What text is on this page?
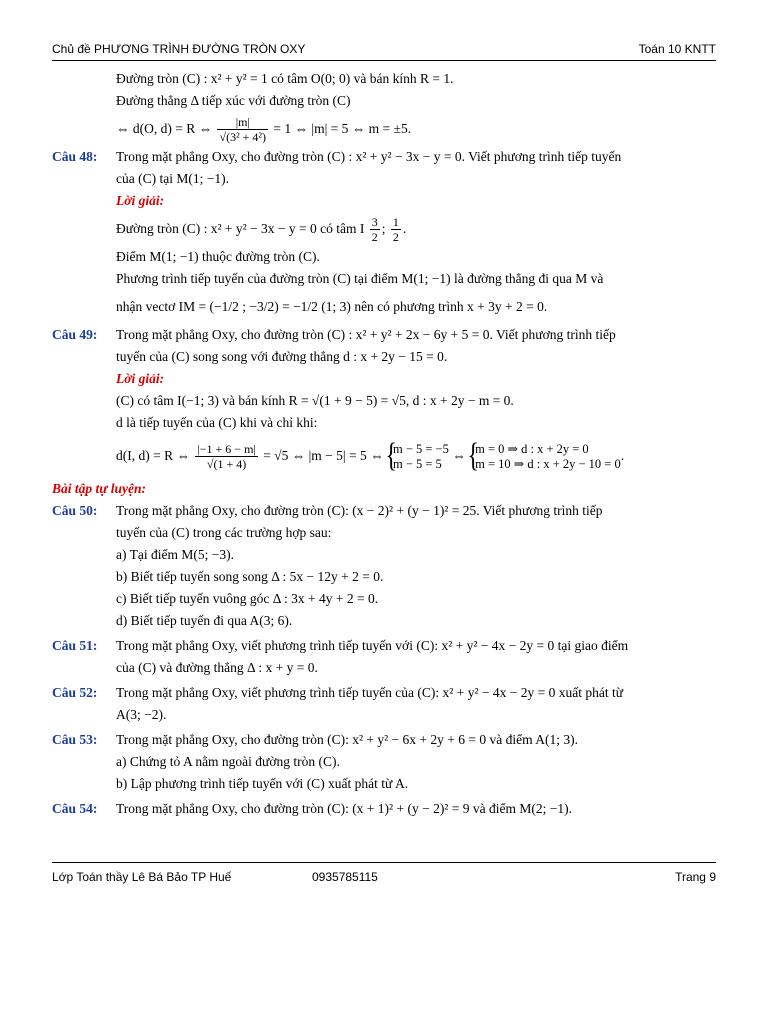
Chủ đề PHƯƠNG TRÌNH ĐƯỜNG TRÒN OXY	Toán 10 KNTT
Đường tròn (C) : x² + y² = 1 có tâm O(0; 0) và bán kính R = 1.
Đường thẳng Δ tiếp xúc với đường tròn (C)
⇔ d(O, d) = R ⇔ $\frac{|m|}{\text{√(3² + 4²)}} = 1$ ⇔ |m| = 5 ⇔ m = ±5.
Câu 48: Trong mặt phẳng Oxy, cho đường tròn (C) : x² + y² − 3x − y = 0. Viết phương trình tiếp tuyến
của (C) tại M(1; −1).
Lời giải:
Đường tròn (C) : x² + y² − 3x − y = 0 có tâm I $\frac{3}{2}$ ; $\frac{1}{2}$ .
Điểm M(1; −1) thuộc đường tròn (C).
Phương trình tiếp tuyến của đường tròn (C) tại điểm M(1; −1) là đường thẳng đi qua M và
nhận vectơ IM = (−1/2 ; −3/2) = −1/2 (1; 3) nên có phương trình x + 3y + 2 = 0.
Câu 49: Trong mặt phẳng Oxy, cho đường tròn (C) : x² + y² + 2x − 6y + 5 = 0. Viết phương trình tiếp
tuyến của (C) song song với đường thẳng d : x + 2y − 15 = 0.
Lời giải:
(C) có tâm I(−1; 3) và bán kính R = √(1 + 9 − 5) = √5, d : x + 2y − m = 0.
d là tiếp tuyến của (C) khi và chỉ khi:
d(I, d) = R ⇔ $\frac{|-1 + 6 - m|}{√(1 + 4)} = √5$ ⇔ |m − 5| = 5 ⇔ { m − 5 = −5
m − 5 = 5
⇔ { m = 0 ⇒ d : x + 2y = 0
m = 10 ⇒ d : x + 2y − 10 = 0
.
Bài tập tự luyện:
Câu 50: Trong mặt phẳng Oxy, cho đường tròn (C): (x − 2)² + (y − 1)² = 25. Viết phương trình tiếp
tuyến của (C) trong các trường hợp sau:
a) Tại điểm M(5; −3).
b) Biết tiếp tuyến song song Δ : 5x − 12y + 2 = 0.
c) Biết tiếp tuyến vuông góc Δ : 3x + 4y + 2 = 0.
d) Biết tiếp tuyến đi qua A(3; 6).
Câu 51: Trong mặt phẳng Oxy, viết phương trình tiếp tuyến với (C): x² + y² − 4x − 2y = 0 tại giao điểm
của (C) và đường thẳng Δ : x + y = 0.
Câu 52: Trong mặt phẳng Oxy, viết phương trình tiếp tuyến của (C): x² + y² − 4x − 2y = 0 xuất phát từ
A(3; −2).
Câu 53: Trong mặt phẳng Oxy, cho đường tròn (C): x² + y² − 6x + 2y + 6 = 0 và điểm A(1; 3).
a) Chứng tỏ A nằm ngoài đường tròn (C).
b) Lập phương trình tiếp tuyến với (C) xuất phát từ A.
Câu 54: Trong mặt phẳng Oxy, cho đường tròn (C): (x + 1)² + (y − 2)² = 9 và điểm M(2; −1).
Lớp Toán thầy Lê Bá Bảo TP Huế	0935785115	Trang 9
